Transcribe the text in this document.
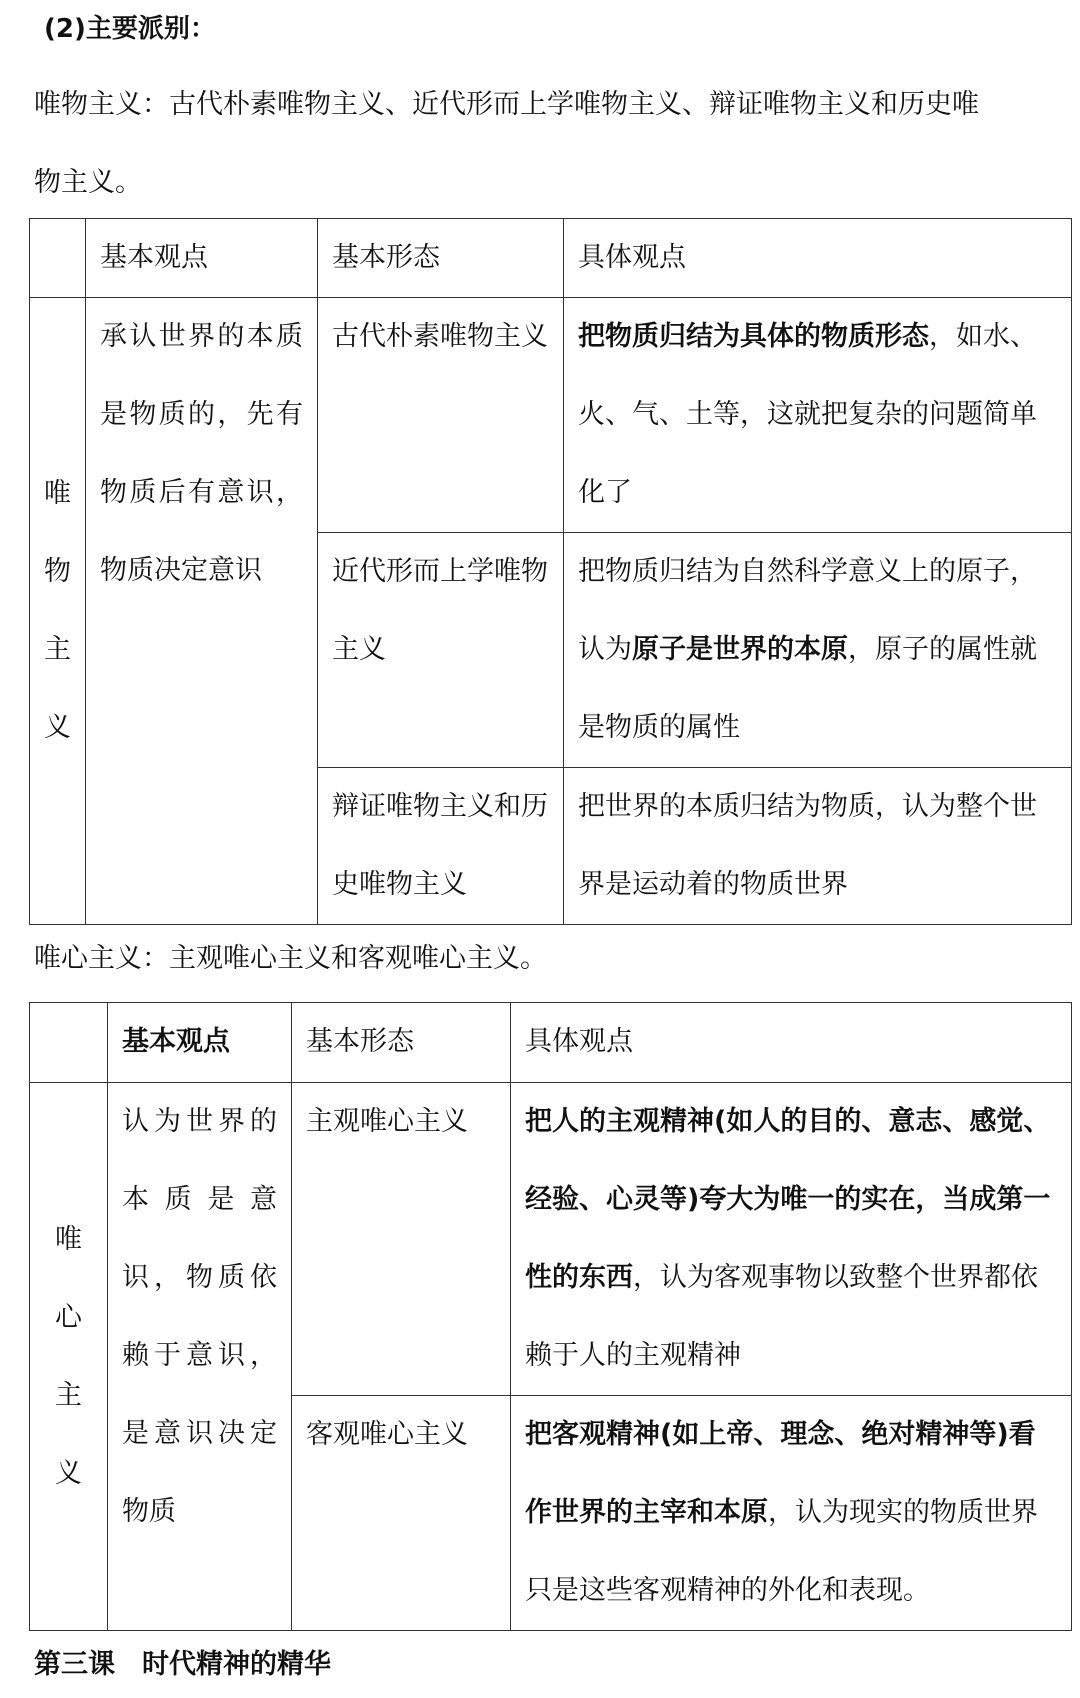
(2)主要派别：
唯物主义：古代朴素唯物主义、近代形而上学唯物主义、辩证唯物主义和历史唯
物主义。
	基本观点	基本形态	具体观点

唯
物
主
义	承认世界的本质是物质的，先有物质后有意识，物质决定意识	古代朴素唯物主义	把物质归结为具体的物质形态，如水、火、气、土等，这就把复杂的问题简单化了
		近代形而上学唯物主义	把物质归结为自然科学意义上的原子，认为原子是世界的本原，原子的属性就是物质的属性
		辩证唯物主义和历史唯物主义	把世界的本质归结为物质，认为整个世界是运动着的物质世界
唯心主义：主观唯心主义和客观唯心主义。
	基本观点	基本形态	具体观点

唯
心
主
义	认为世界的本质是意识，物质依赖于意识，是意识决定物质	主观唯心主义	把人的主观精神(如人的目的、意志、感觉、经验、心灵等)夸大为唯一的实在，当成第一性的东西，认为客观事物以致整个世界都依赖于人的主观精神
		客观唯心主义	把客观精神(如上帝、理念、绝对精神等)看作世界的主宰和本原，认为现实的物质世界只是这些客观精神的外化和表现。
第三课　时代精神的精华
